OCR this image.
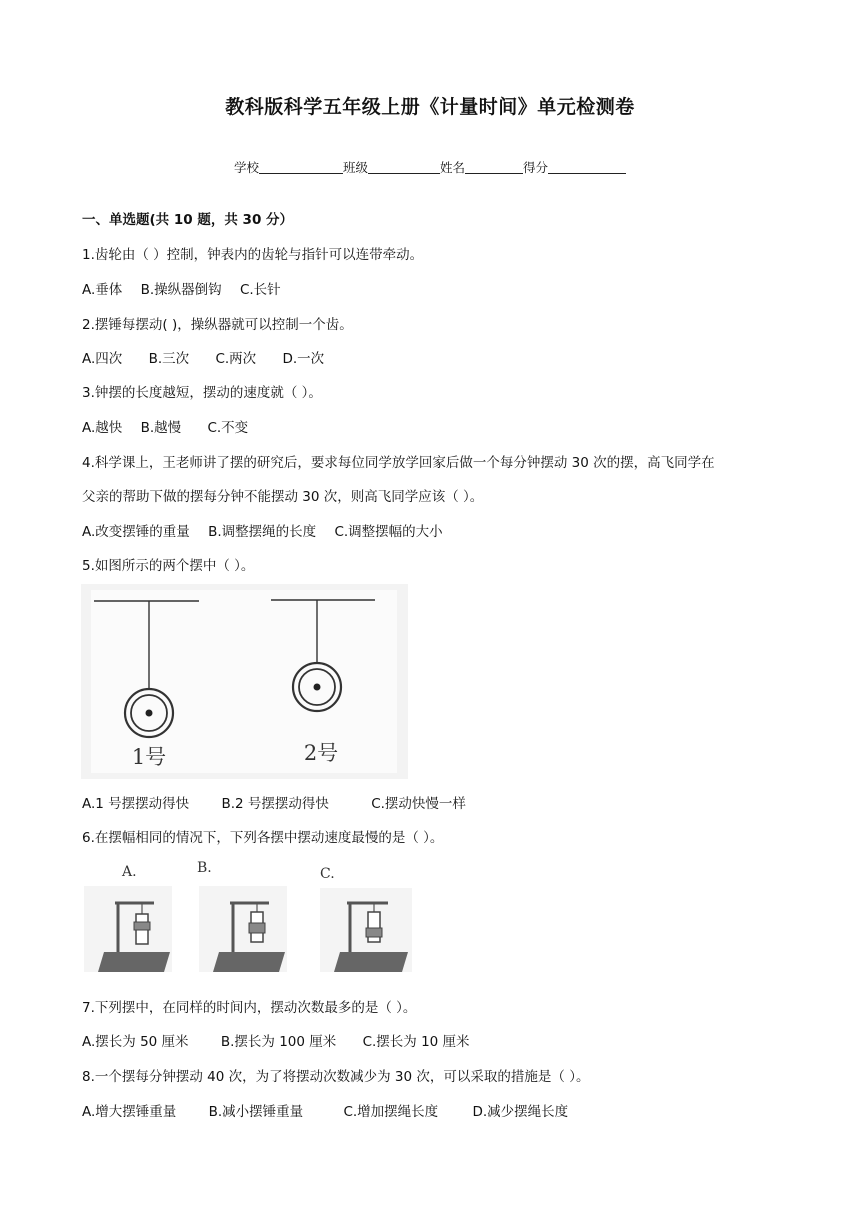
教科版科学五年级上册《计量时间》单元检测卷
学校	班级	姓名	得分
一、单选题(共 10 题，共 30 分）
1.齿轮由（ ）控制，钟表内的齿轮与指针可以连带牵动。
A.垂体 B.操纵器倒钩 C.长针
2.摆锤每摆动( )，操纵器就可以控制一个齿。
A.四次 B.三次 C.两次 D.一次
3.钟摆的长度越短，摆动的速度就（ ）。
A.越快 B.越慢 C.不变
4.科学课上，王老师讲了摆的研究后，要求每位同学放学回家后做一个每分钟摆动 30 次的摆，高飞同学在
父亲的帮助下做的摆每分钟不能摆动 30 次，则高飞同学应该（ ）。
A.改变摆锤的重量 B.调整摆绳的长度 C.调整摆幅的大小
5.如图所示的两个摆中（ ）。
1号	2号
A.1 号摆摆动得快 B.2 号摆摆动得快	C.摆动快慢一样
6.在摆幅相同的情况下，下列各摆中摆动速度最慢的是（ ）。
A.	B.	C.
7.下列摆中，在同样的时间内，摆动次数最多的是（ ）。
A.摆长为 50 厘米 B.摆长为 100 厘米 C.摆长为 10 厘米
8.一个摆每分钟摆动 40 次，为了将摆动次数减少为 30 次，可以采取的措施是（ ）。
A.增大摆锤重量 B.减小摆锤重量	C.增加摆绳长度	D.减少摆绳长度
